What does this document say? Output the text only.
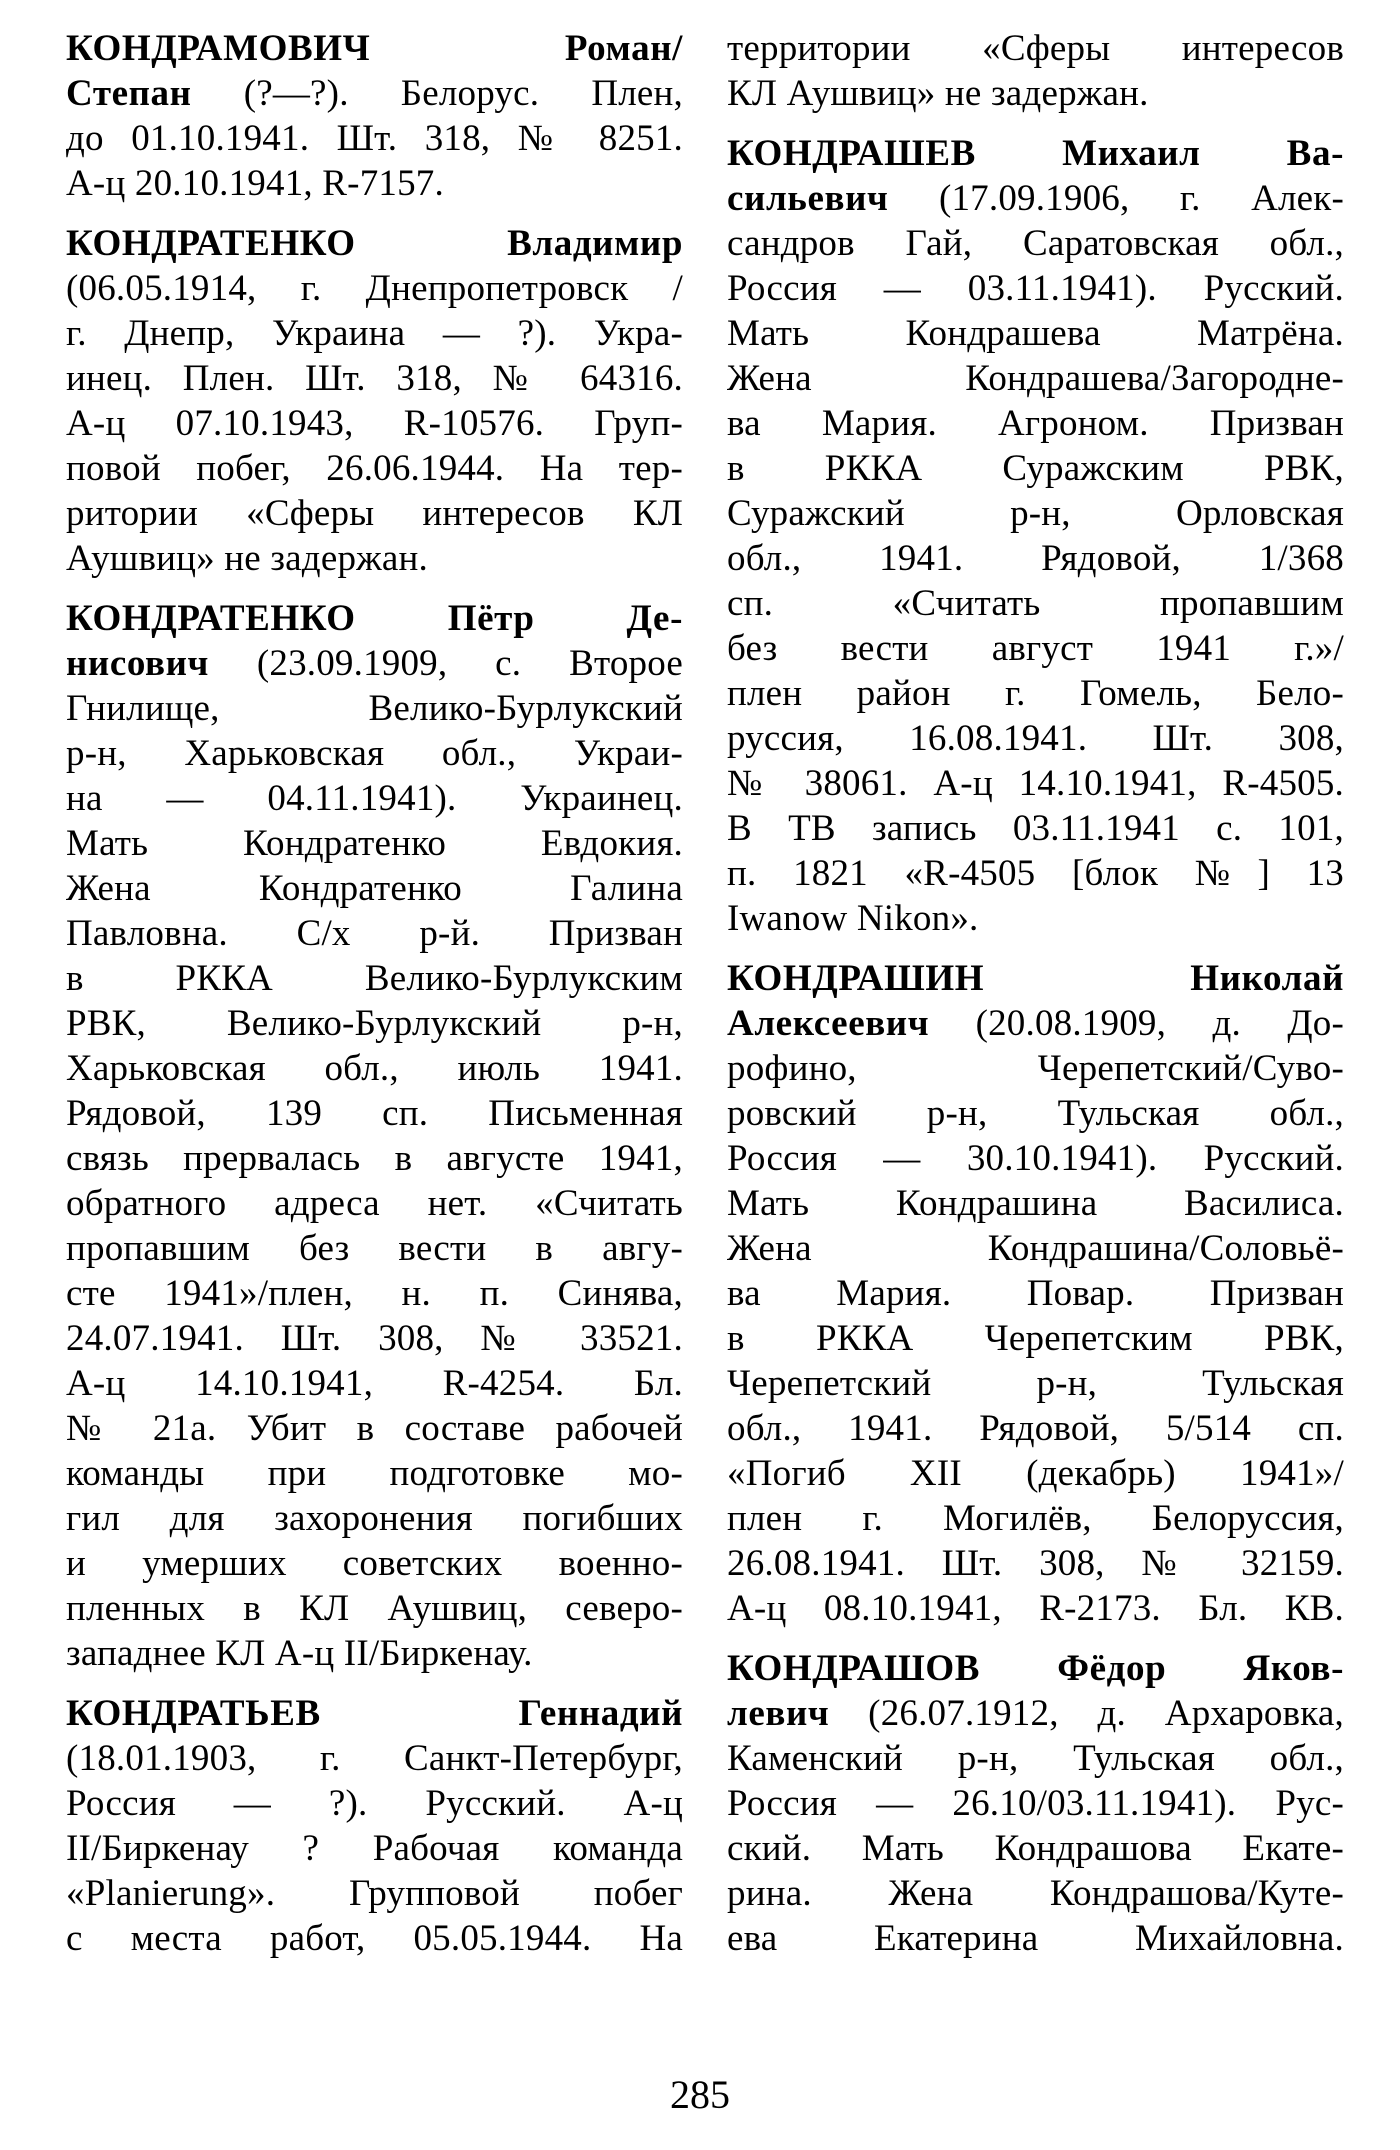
КОНДРАМОВИЧ Роман/
Степан (?—?). Белорус. Плен,
до 01.10.1941. Шт. 318, № 8251.
А-ц 20.10.1941, R-7157.
КОНДРАТЕНКО Владимир
(06.05.1914, г. Днепропетровск /
г. Днепр, Украина — ?). Укра-
инец. Плен. Шт. 318, № 64316.
А-ц 07.10.1943, R-10576. Груп-
повой побег, 26.06.1944. На тер-
ритории «Сферы интересов КЛ
Аушвиц» не задержан.
КОНДРАТЕНКО Пётр Де-
нисович (23.09.1909, с. Второе
Гнилище, Велико-Бурлукский
р-н, Харьковская обл., Украи-
на — 04.11.1941). Украинец.
Мать Кондратенко Евдокия.
Жена Кондратенко Галина
Павловна. С/х р-й. Призван
в РККА Велико-Бурлукским
РВК, Велико-Бурлукский р-н,
Харьковская обл., июль 1941.
Рядовой, 139 сп. Письменная
связь прервалась в августе 1941,
обратного адреса нет. «Считать
пропавшим без вести в авгу-
сте 1941»/плен, н. п. Синява,
24.07.1941. Шт. 308, № 33521.
А-ц 14.10.1941, R-4254. Бл.
№ 21а. Убит в составе рабочей
команды при подготовке мо-
гил для захоронения погибших
и умерших советских военно-
пленных в КЛ Аушвиц, северо-
западнее КЛ А-ц II/Биркенау.
КОНДРАТЬЕВ Геннадий
(18.01.1903, г. Санкт-Петербург,
Россия — ?). Русский. А-ц
II/Биркенау ? Рабочая команда
«Planierung». Групповой побег
с места работ, 05.05.1944. На
территории «Сферы интересов
КЛ Аушвиц» не задержан.
КОНДРАШЕВ Михаил Ва-
сильевич (17.09.1906, г. Алек-
сандров Гай, Саратовская обл.,
Россия — 03.11.1941). Русский.
Мать Кондрашева Матрёна.
Жена Кондрашева/Загородне-
ва Мария. Агроном. Призван
в РККА Суражским РВК,
Суражский р-н, Орловская
обл., 1941. Рядовой, 1/368
сп. «Считать пропавшим
без вести август 1941 г.»/
плен район г. Гомель, Бело-
руссия, 16.08.1941. Шт. 308,
№ 38061. А-ц 14.10.1941, R-4505.
В ТВ запись 03.11.1941 с. 101,
п. 1821 «R-4505 [блок №] 13
Iwanow Nikon».
КОНДРАШИН Николай
Алексеевич (20.08.1909, д. До-
рофино, Черепетский/Суво-
ровский р-н, Тульская обл.,
Россия — 30.10.1941). Русский.
Мать Кондрашина Василиса.
Жена Кондрашина/Соловьё-
ва Мария. Повар. Призван
в РККА Черепетским РВК,
Черепетский р-н, Тульская
обл., 1941. Рядовой, 5/514 сп.
«Погиб XII (декабрь) 1941»/
плен г. Могилёв, Белоруссия,
26.08.1941. Шт. 308, № 32159.
А-ц 08.10.1941, R-2173. Бл. КВ.
КОНДРАШОВ Фёдор Яков-
левич (26.07.1912, д. Архаровка,
Каменский р-н, Тульская обл.,
Россия — 26.10/03.11.1941). Рус-
ский. Мать Кондрашова Екате-
рина. Жена Кондрашова/Куте-
ева Екатерина Михайловна.
285
